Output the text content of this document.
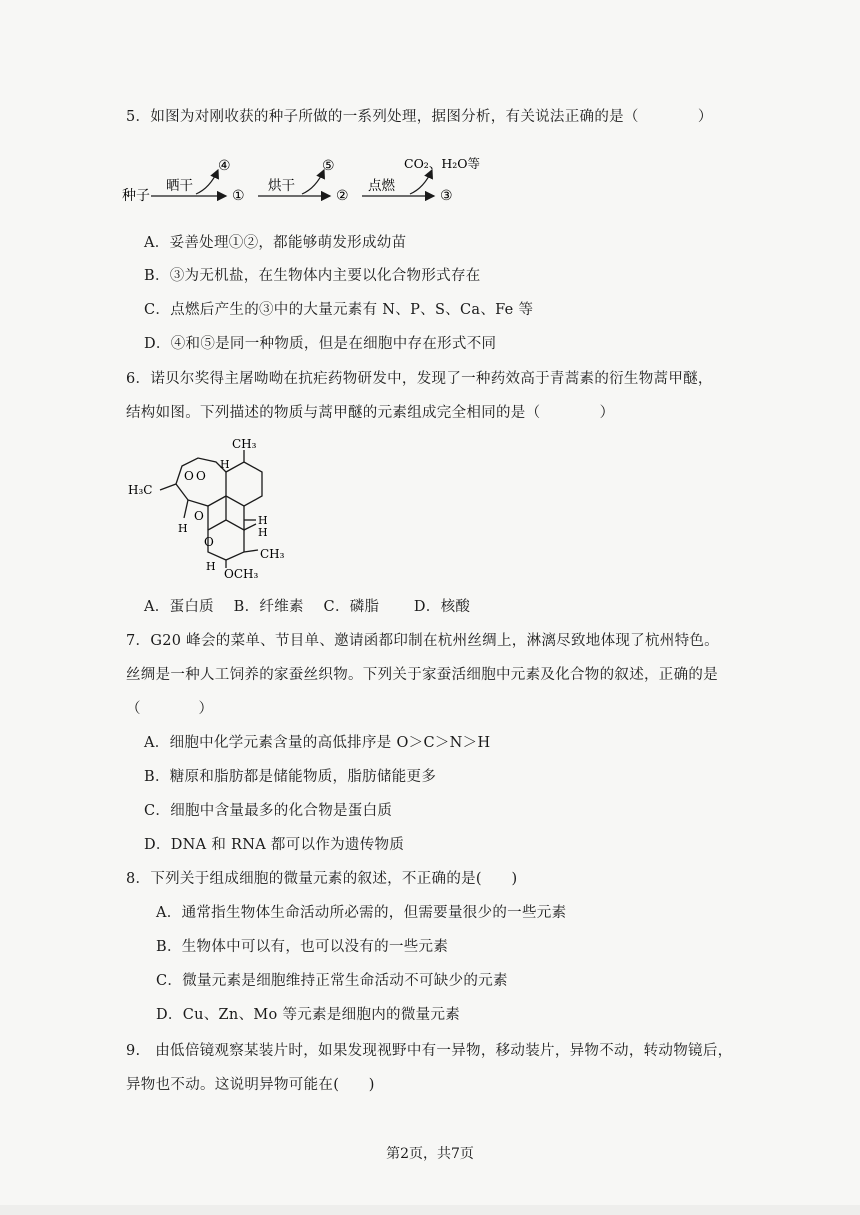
5．如图为对刚收获的种子所做的一系列处理，据图分析，有关说法正确的是（　　　　）
种子
晒干
④
①
烘干
⑤
②
点燃
CO₂、H₂O等
③
A．妥善处理①②，都能够萌发形成幼苗
B．③为无机盐，在生物体内主要以化合物形式存在
C．点燃后产生的③中的大量元素有 N、P、S、Ca、Fe 等
D．④和⑤是同一种物质，但是在细胞中存在形式不同
6．诺贝尔奖得主屠呦呦在抗疟药物研发中，发现了一种药效高于青蒿素的衍生物蒿甲醚，
结构如图。下列描述的物质与蒿甲醚的元素组成完全相同的是（　　　　）
CH₃
H₃C
O O
O
O
H
H
H
H
H
CH₃
OCH₃
A．蛋白质　 B．纤维素　 C．磷脂　　 D．核酸
7．G20 峰会的菜单、节目单、邀请函都印制在杭州丝绸上，淋漓尽致地体现了杭州特色。
丝绸是一种人工饲养的家蚕丝织物。下列关于家蚕活细胞中元素及化合物的叙述，正确的是
（　　　　）
A．细胞中化学元素含量的高低排序是 O＞C＞N＞H
B．糖原和脂肪都是储能物质，脂肪储能更多
C．细胞中含量最多的化合物是蛋白质
D．DNA 和 RNA 都可以作为遗传物质
8．下列关于组成细胞的微量元素的叙述，不正确的是(　　)
A．通常指生物体生命活动所必需的，但需要量很少的一些元素
B．生物体中可以有，也可以没有的一些元素
C．微量元素是细胞维持正常生命活动不可缺少的元素
D．Cu、Zn、Mo 等元素是细胞内的微量元素
9.　由低倍镜观察某装片时，如果发现视野中有一异物，移动装片，异物不动，转动物镜后，
异物也不动。这说明异物可能在(　　)
第2页，共7页
